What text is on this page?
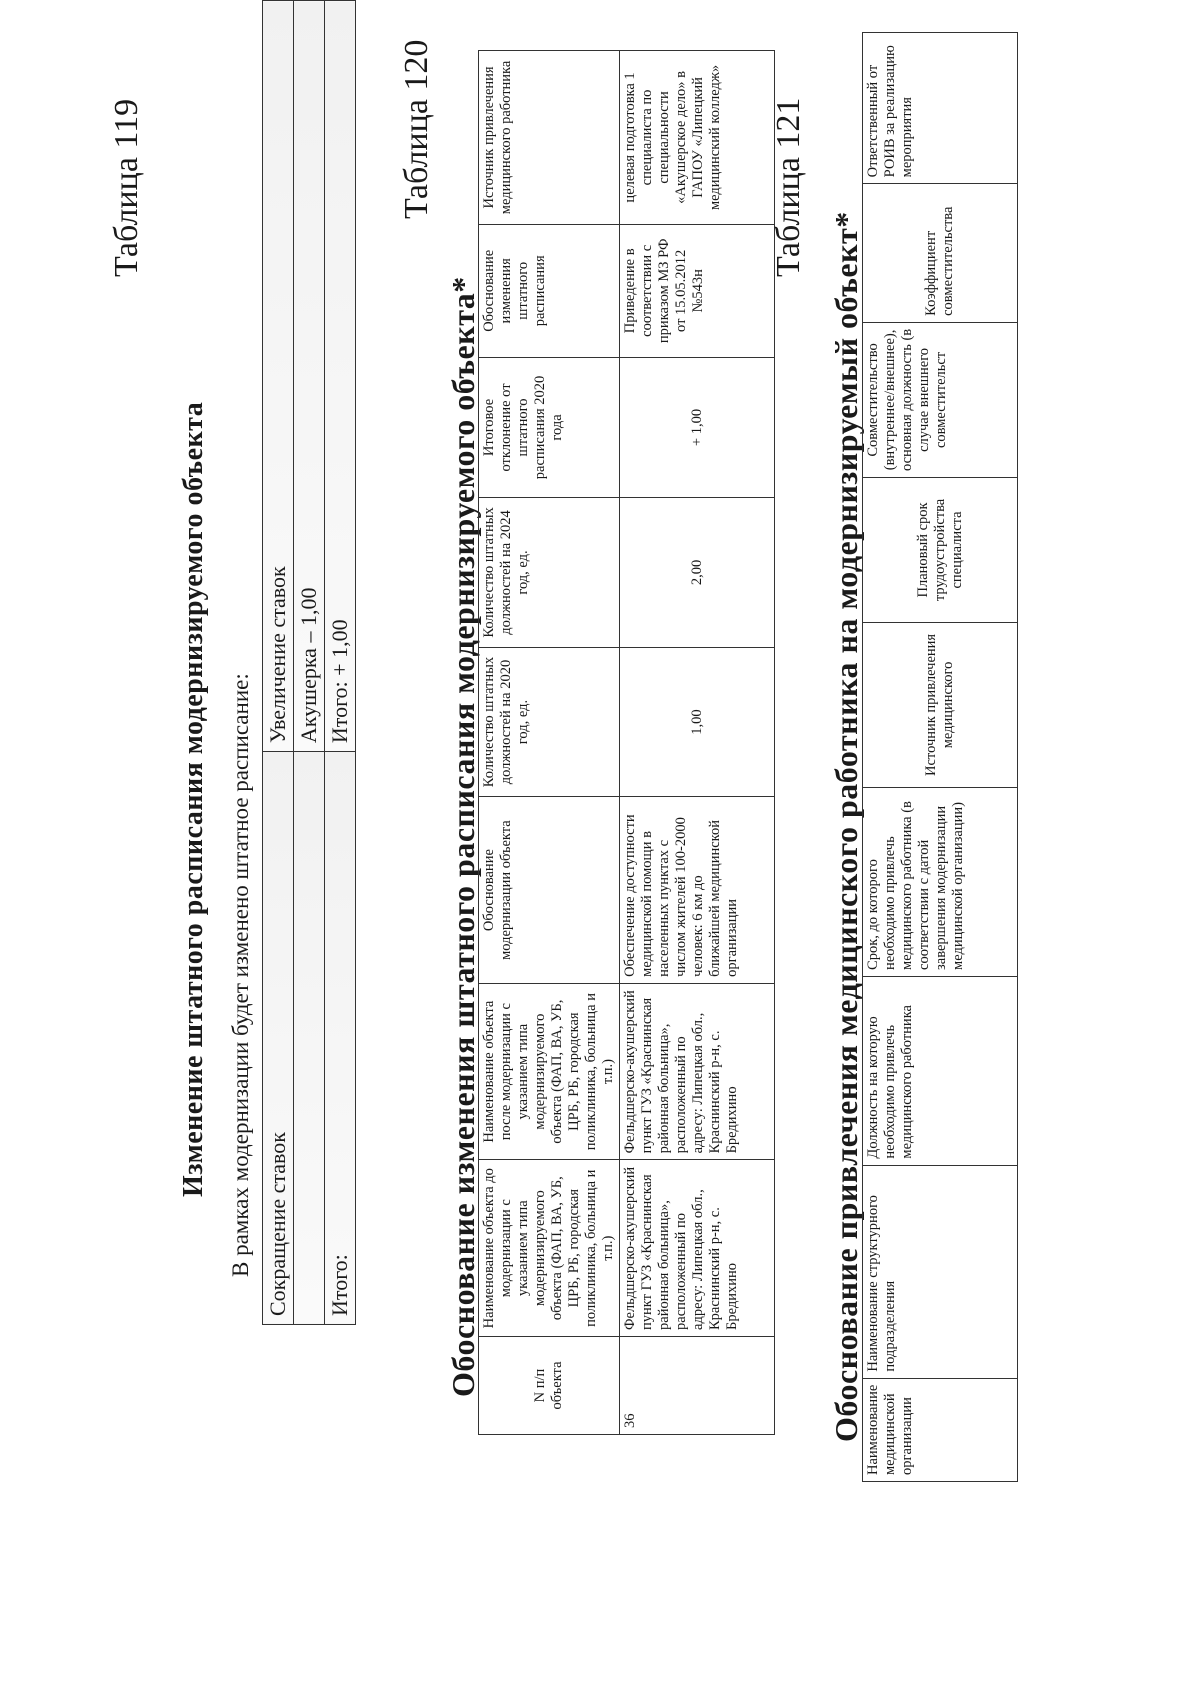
Таблица 119
Изменение штатного расписания модернизируемого объекта В рамках модернизации будет изменено штатное расписание: Сокращение ставок	Увеличение ставок
	Акушерка – 1,00
Итого:	Итого: + 1,00
Таблица 120
Обоснование изменения штатного расписания модернизируемого объекта*	N п/п объекта	Наименование объекта до модернизации с указанием типа модернизируемого объекта (ФАП, ВА, УБ, ЦРБ, РБ, городская поликлиника, больница и т.п.)	Наименование объекта после модернизации с указанием типа модернизируемого объекта (ФАП, ВА, УБ, ЦРБ, РБ, городская поликлиника, больница и т.п.)	Обоснование модернизации объекта	Количество штатных должностей на 2020 год, ед.	Количество штатных должностей на 2024 год, ед.	Итоговое отклонение от штатного расписания 2020 года	Обоснование изменения штатного расписания	Источник привлечения медицинского работника
36	Фельдшерско-акушерский пункт ГУЗ «Краснинская районная больница», расположенный по адресу: Липецкая обл., Краснинский р-н, с. Бредихино	Фельдшерско-акушерский пункт ГУЗ «Краснинская районная больница», расположенный по адресу: Липецкая обл., Краснинский р-н, с. Бредихино	Обеспечение доступности медицинской помощи в населенных пунктах с числом жителей 100-2000 человек: 6 км до ближайшей медицинской организации	1,00	2,00	+ 1,00	Приведение в соответствии с приказом МЗ РФ от 15.05.2012 №543н	целевая подготовка 1 специалиста по специальности «Акушерское дело» в ГАПОУ «Липецкий медицинский колледж» Таблица 121
Обоснование привлечения медицинского работника на модернизируемый объект* Наименование медицинской организации	Наименование структурного подразделения	Должность на которую необходимо привлечь медицинского работника	Срок, до которого необходимо привлечь медицинского работника (в соответствии с датой завершения модернизации медицинской организации)	Источник привлечения медицинского	Плановый срок трудоустройства специалиста	Совместительство (внутреннее/внешнее), основная должность (в случае внешнего совместительст	Коэффициент совместительства	Ответственный от РОИВ за реализацию мероприятия
